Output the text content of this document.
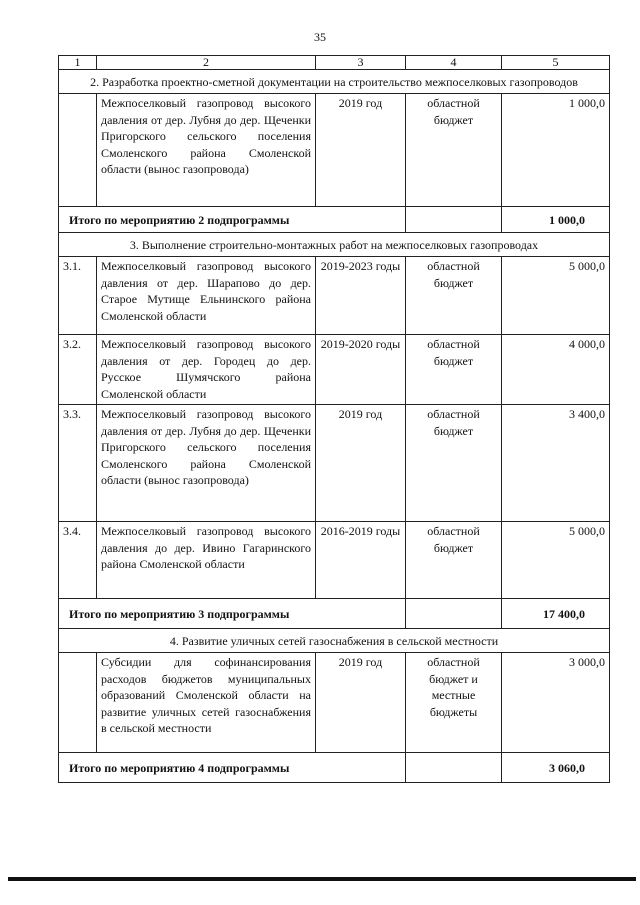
35
1	2	3	4	5
2. Разработка проектно-сметной документации на строительство межпоселковых газопроводов				
	Межпоселковый газопровод высокого давления от дер. Лубня до дер. Щеченки Пригорского сельского поселения Смоленского района Смоленской области (вынос газопровода)	2019 год	областной бюджет	1 000,0
Итого по мероприятию 2 подпрограммы				1 000,0
3. Выполнение строительно-монтажных работ на межпоселковых газопроводах				
3.1.	Межпоселковый газопровод высокого давления от дер. Шарапово до дер. Старое Мутище Ельнинского района Смоленской области	2019-2023 годы	областной бюджет	5 000,0
3.2.	Межпоселковый газопровод высокого давления от дер. Городец до дер. Русское Шумячского района Смоленской области	2019-2020 годы	областной бюджет	4 000,0
3.3.	Межпоселковый газопровод высокого давления от дер. Лубня до дер. Щеченки Пригорского сельского поселения Смоленского района Смоленской области (вынос газопровода)	2019 год	областной бюджет	3 400,0
3.4.	Межпоселковый газопровод высокого давления до дер. Ивино Гагаринского района Смоленской области	2016-2019 годы	областной бюджет	5 000,0
Итого по мероприятию 3 подпрограммы				17 400,0
4. Развитие уличных сетей газоснабжения в сельской местности				
	Субсидии для софинансирования расходов бюджетов муниципальных образований Смоленской области на развитие уличных сетей газоснабжения в сельской местности	2019 год	областной бюджет и местные бюджеты	3 000,0
Итого по мероприятию 4 подпрограммы				3 060,0
